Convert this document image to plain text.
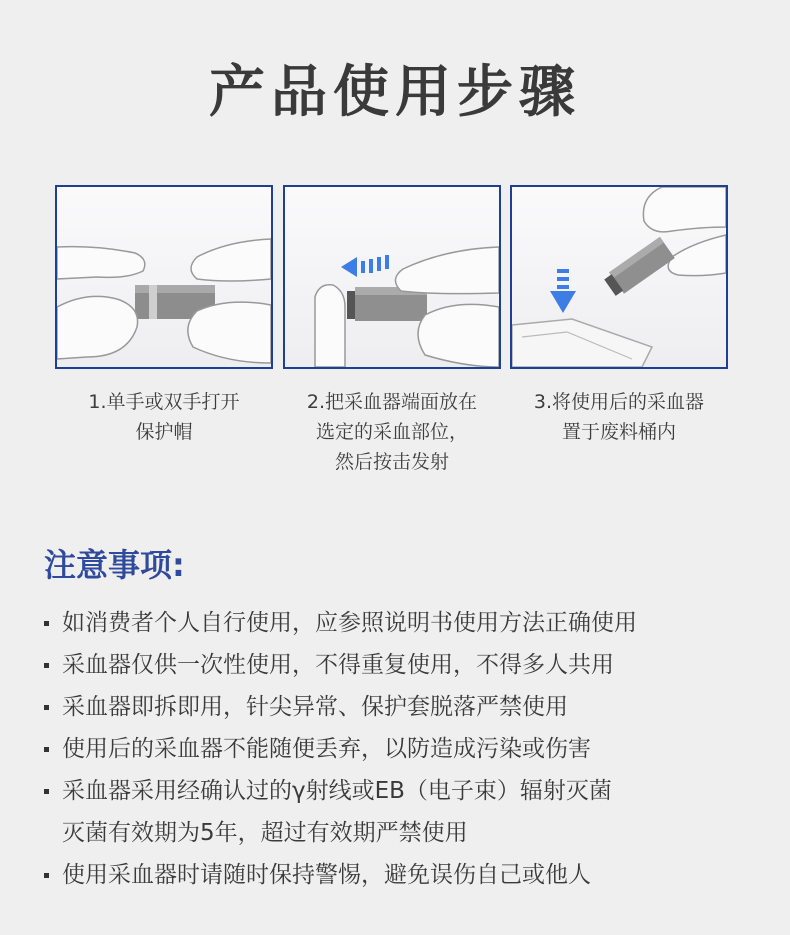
产品使用步骤
1.单手或双手打开
保护帽
2.把采血器端面放在
选定的采血部位，
然后按击发射
3.将使用后的采血器
置于废料桶内
注意事项:
如消费者个人自行使用，应参照说明书使用方法正确使用
采血器仅供一次性使用，不得重复使用，不得多人共用
采血器即拆即用，针尖异常、保护套脱落严禁使用
使用后的采血器不能随便丢弃，以防造成污染或伤害
采血器采用经确认过的γ射线或EB（电子束）辐射灭菌
灭菌有效期为5年，超过有效期严禁使用
使用采血器时请随时保持警惕，避免误伤自己或他人
